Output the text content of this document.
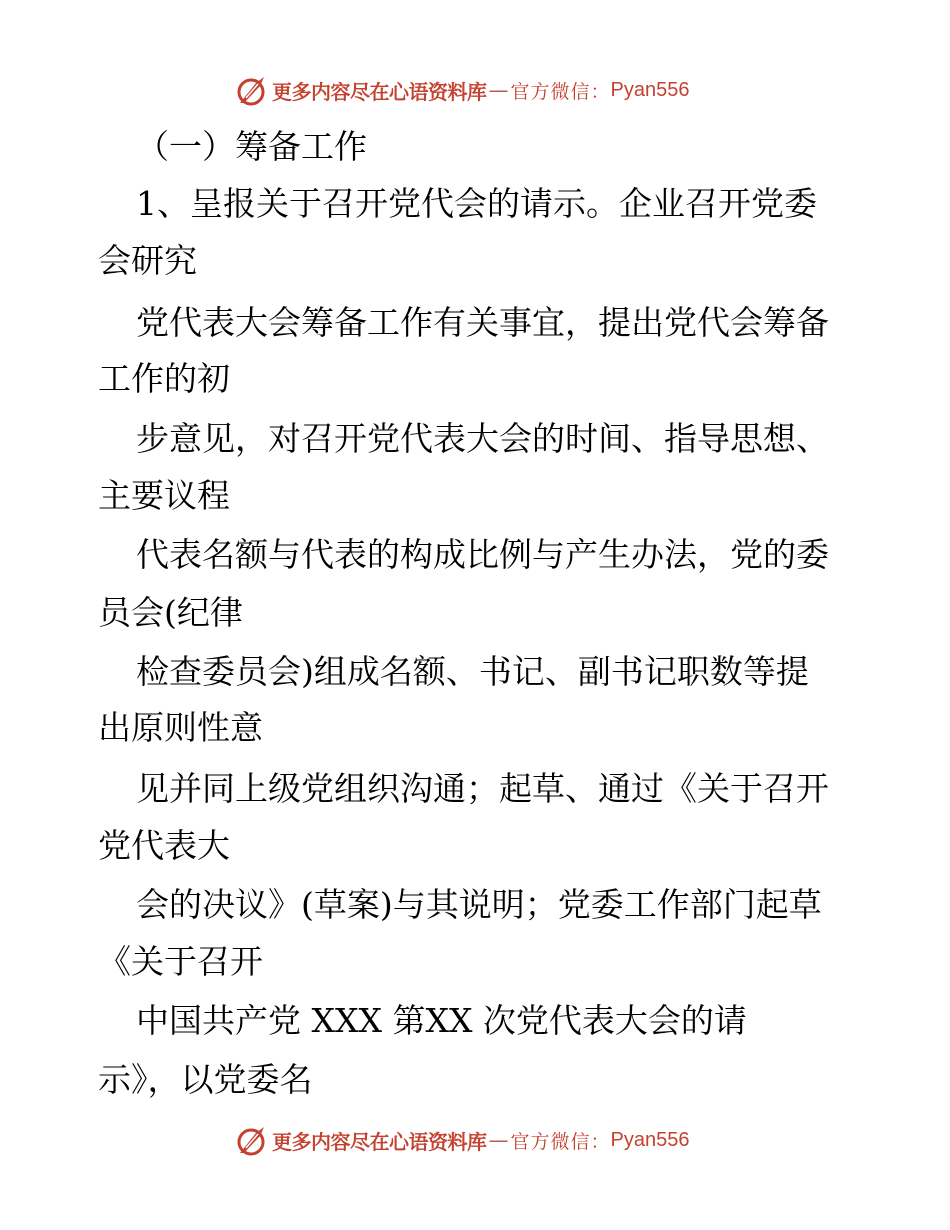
更多内容尽在心语资料库 — 官方微信： Pyan556
（一）筹备工作
1、呈报关于召开党代会的请示。企业召开党委
会研究
党代表大会筹备工作有关事宜，提出党代会筹备
工作的初
步意见，对召开党代表大会的时间、指导思想、
主要议程
代表名额与代表的构成比例与产生办法，党的委
员会(纪律
检查委员会)组成名额、书记、副书记职数等提
出原则性意
见并同上级党组织沟通；起草、通过《关于召开
党代表大
会的决议》(草案)与其说明；党委工作部门起草
《关于召开
中国共产党 XXX 第XX 次党代表大会的请
示》，以党委名
更多内容尽在心语资料库 — 官方微信： Pyan556
